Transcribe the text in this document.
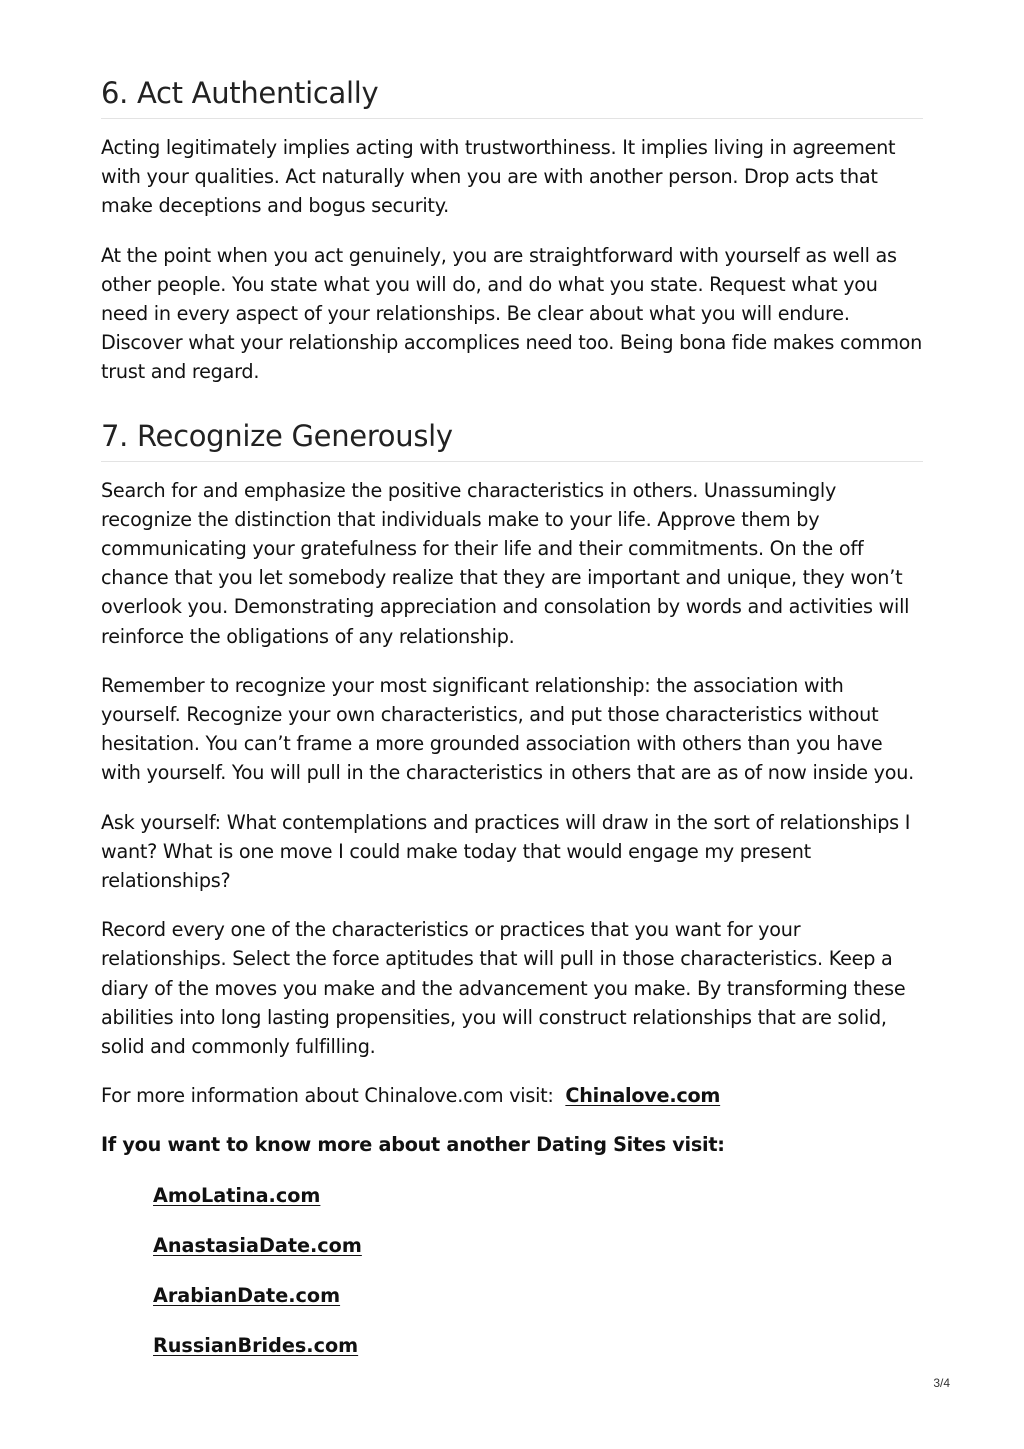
6. Act Authentically

Acting legitimately implies acting with trustworthiness. It implies living in agreement with your qualities. Act naturally when you are with another person. Drop acts that make deceptions and bogus security.

At the point when you act genuinely, you are straightforward with yourself as well as other people. You state what you will do, and do what you state. Request what you need in every aspect of your relationships. Be clear about what you will endure. Discover what your relationship accomplices need too. Being bona fide makes common trust and regard.

7. Recognize Generously

Search for and emphasize the positive characteristics in others. Unassumingly recognize the distinction that individuals make to your life. Approve them by communicating your gratefulness for their life and their commitments. On the off chance that you let somebody realize that they are important and unique, they won’t overlook you. Demonstrating appreciation and consolation by words and activities will reinforce the obligations of any relationship.

Remember to recognize your most significant relationship: the association with yourself. Recognize your own characteristics, and put those characteristics without hesitation. You can’t frame a more grounded association with others than you have with yourself. You will pull in the characteristics in others that are as of now inside you.

Ask yourself: What contemplations and practices will draw in the sort of relationships I want? What is one move I could make today that would engage my present relationships?

Record every one of the characteristics or practices that you want for your relationships. Select the force aptitudes that will pull in those characteristics. Keep a diary of the moves you make and the advancement you make. By transforming these abilities into long lasting propensities, you will construct relationships that are solid, solid and commonly fulfilling.

For more information about Chinalove.com visit: Chinalove.com

If you want to know more about another Dating Sites visit:

AmoLatina.com
AnastasiaDate.com
ArabianDate.com
RussianBrides.com
3/4
